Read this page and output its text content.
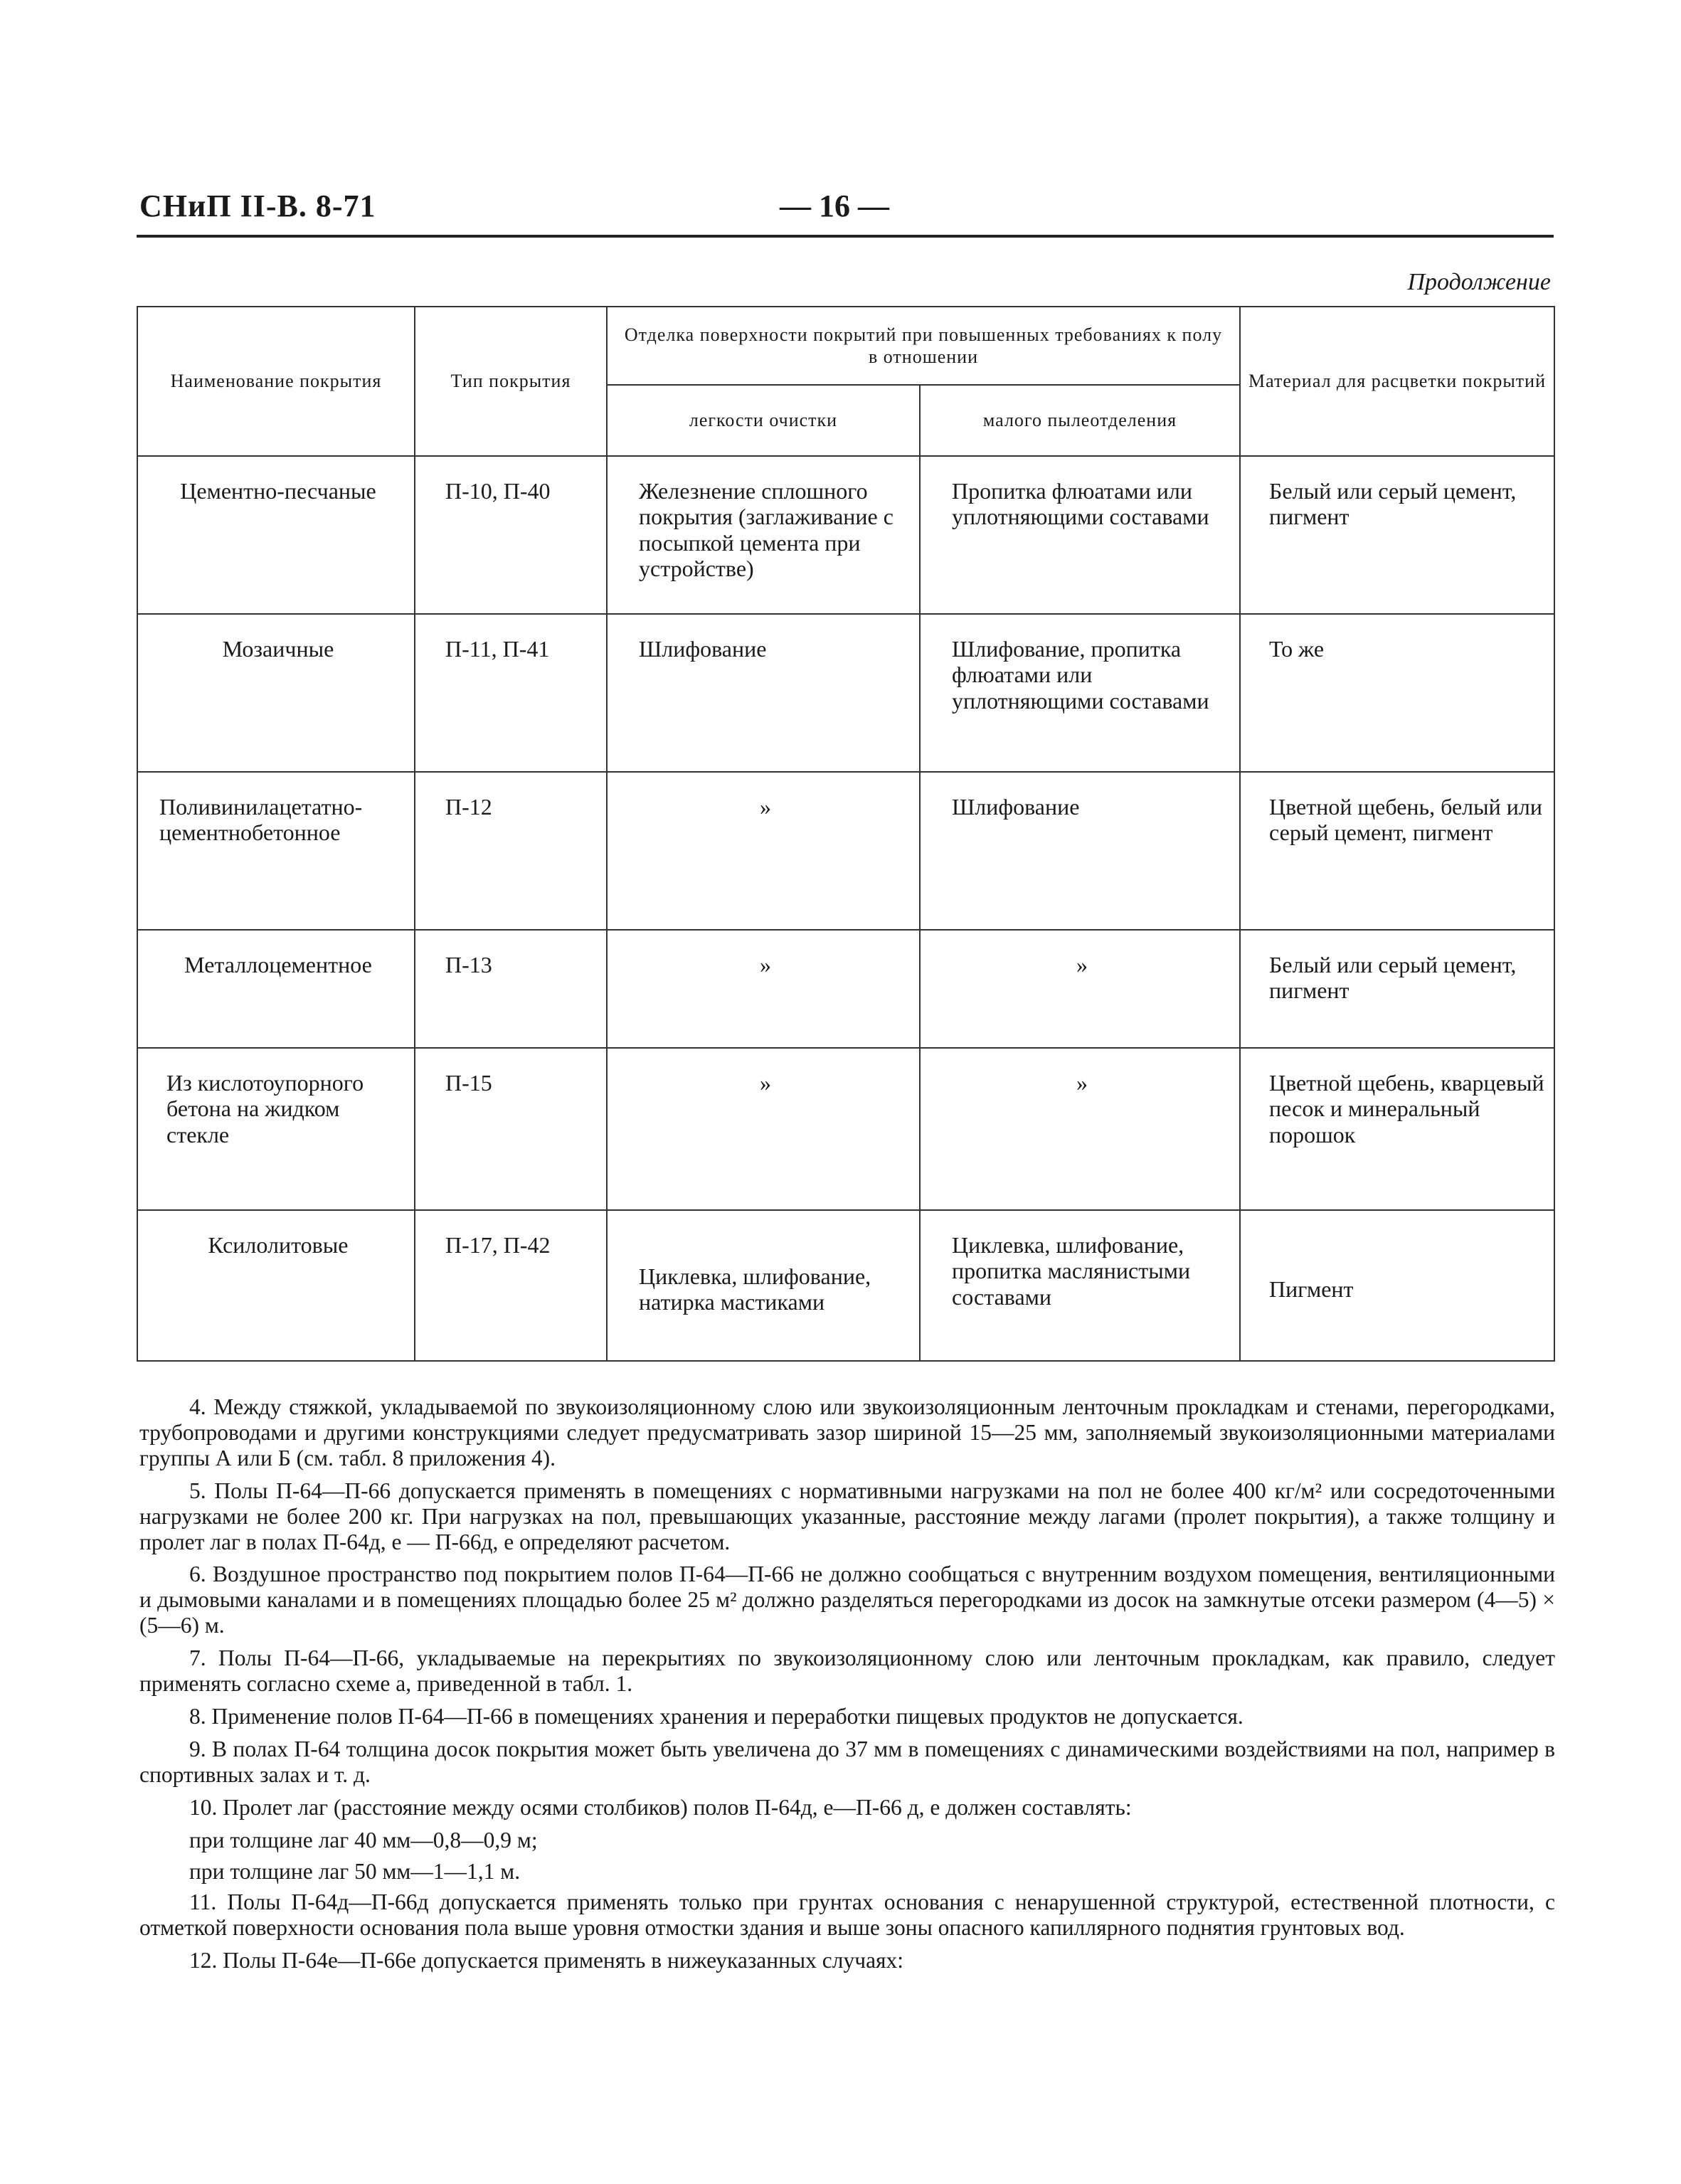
СНиП II-В. 8-71	— 16 —
Продолжение
Наименование покрытия	Тип покрытия	Отделка поверхности покрытий при повышенных требованиях к полу в отношении		Материал для расцветки покрытий
		легкости очистки	малого пылеотделения	
Цементно-песчаные	П-10, П-40	Железнение сплошного покрытия (заглаживание с посыпкой цемента при устройстве)	Пропитка флюатами или уплотняющими составами	Белый или серый цемент, пигмент
Мозаичные	П-11, П-41	Шлифование	Шлифование, пропитка флюатами или уплотняющими составами	То же
Поливинилацетатно-цементнобетонное	П-12	»	Шлифование	Цветной щебень, белый или серый цемент, пигмент
Металлоцементное	П-13	»	»	Белый или серый цемент, пигмент
Из кислотоупорного бетона на жидком стекле	П-15	»	»	Цветной щебень, кварцевый песок и минеральный порошок
Ксилолитовые	П-17, П-42	Циклевка, шлифование, натирка мастиками	Циклевка, шлифование, пропитка маслянистыми составами	Пигмент

4. Между стяжкой, укладываемой по звукоизоляционному слою или звукоизоляционным ленточным прокладкам и стенами, перегородками, трубопроводами и другими конструкциями следует предусматривать зазор шириной 15—25 мм, заполняемый звукоизоляционными материалами группы А или Б (см. табл. 8 приложения 4).

5. Полы П-64—П-66 допускается применять в помещениях с нормативными нагрузками на пол не более 400 кг/м² или сосредоточенными нагрузками не более 200 кг. При нагрузках на пол, превышающих указанные, расстояние между лагами (пролет покрытия), а также толщину и пролет лаг в полах П-64д, е — П-66д, е определяют расчетом.

6. Воздушное пространство под покрытием полов П-64—П-66 не должно сообщаться с внутренним воздухом помещения, вентиляционными и дымовыми каналами и в помещениях площадью более 25 м² должно разделяться перегородками из досок на замкнутые отсеки размером (4—5) × (5—6) м.

7. Полы П-64—П-66, укладываемые на перекрытиях по звукоизоляционному слою или ленточным прокладкам, как правило, следует применять согласно схеме а, приведенной в табл. 1.

8. Применение полов П-64—П-66 в помещениях хранения и переработки пищевых продуктов не допускается.

9. В полах П-64 толщина досок покрытия может быть увеличена до 37 мм в помещениях с динамическими воздействиями на пол, например в спортивных залах и т. д.

10. Пролет лаг (расстояние между осями столбиков) полов П-64д, е—П-66 д, е должен составлять:

при толщине лаг 40 мм—0,8—0,9 м;

при толщине лаг 50 мм—1—1,1 м.

11. Полы П-64д—П-66д допускается применять только при грунтах основания с ненарушенной структурой, естественной плотности, с отметкой поверхности основания пола выше уровня отмостки здания и выше зоны опасного капиллярного поднятия грунтовых вод.

12. Полы П-64е—П-66е допускается применять в нижеуказанных случаях:
